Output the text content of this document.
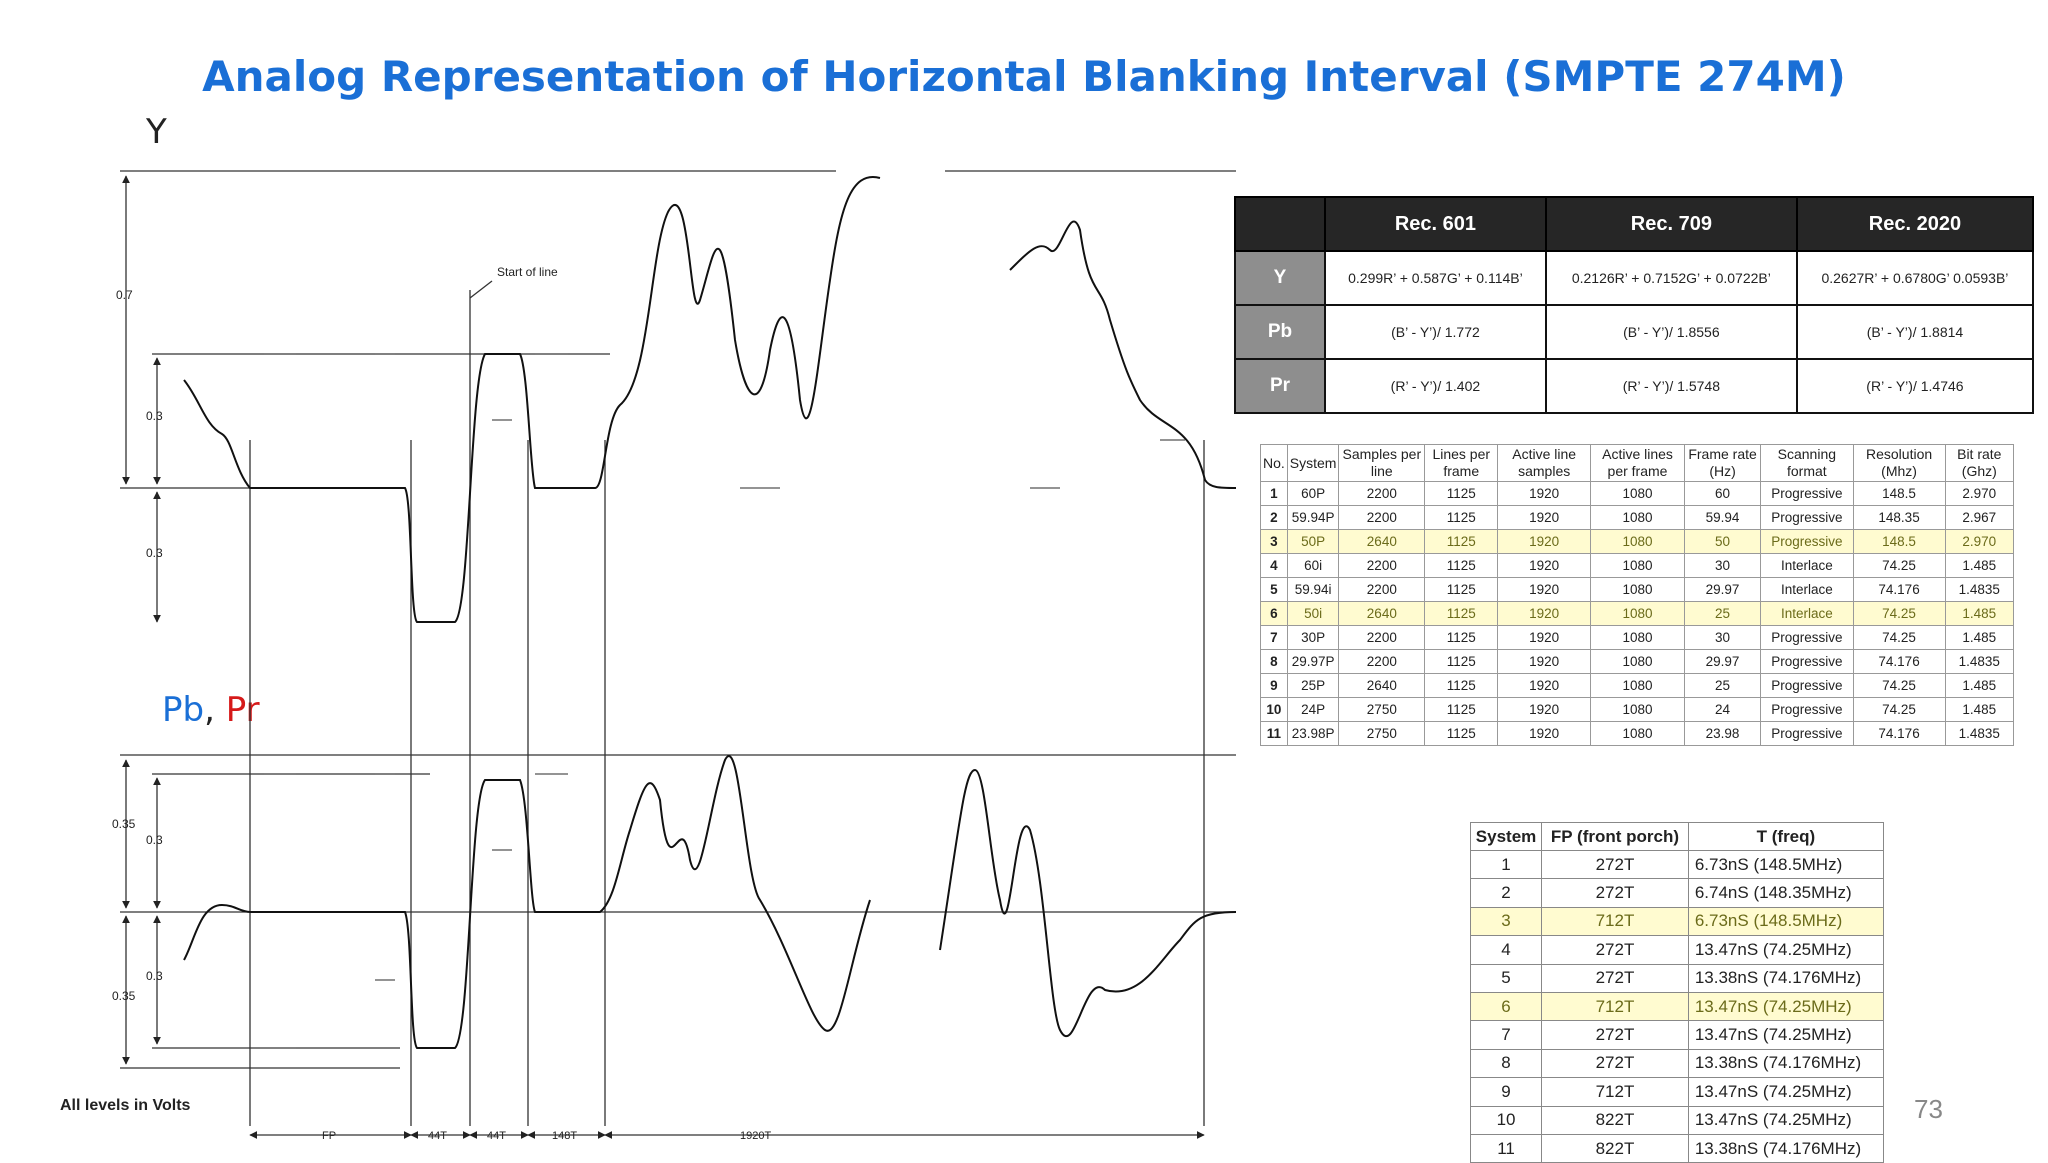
Analog Representation of Horizontal Blanking Interval (SMPTE 274M)
Y
Pb, Pr
73
Start of line
0.7
0.3
0.3
0.35
0.3
0.3
0.35
All levels in Volts
FP	44T	44T	148T	1920T
	Rec. 601	Rec. 709	Rec. 2020
Y	0.299R’ + 0.587G’ + 0.114B’	0.2126R’ + 0.7152G’ + 0.0722B’	0.2627R’ + 0.6780G’ 0.0593B’
Pb	(B’ - Y’)/ 1.772	(B’ - Y’)/ 1.8556	(B’ - Y’)/ 1.8814
Pr	(R’ - Y’)/ 1.402	(R’ - Y’)/ 1.5748	(R’ - Y’)/ 1.4746
No.	System	Samples per line	Lines per frame	Active line samples	Active lines per frame	Frame rate (Hz)	Scanning format	Resolution (Mhz)	Bit rate (Ghz)
1	60P	2200	1125	1920	1080	60	Progressive	148.5	2.970
2	59.94P	2200	1125	1920	1080	59.94	Progressive	148.35	2.967
3	50P	2640	1125	1920	1080	50	Progressive	148.5	2.970
4	60i	2200	1125	1920	1080	30	Interlace	74.25	1.485
5	59.94i	2200	1125	1920	1080	29.97	Interlace	74.176	1.4835
6	50i	2640	1125	1920	1080	25	Interlace	74.25	1.485
7	30P	2200	1125	1920	1080	30	Progressive	74.25	1.485
8	29.97P	2200	1125	1920	1080	29.97	Progressive	74.176	1.4835
9	25P	2640	1125	1920	1080	25	Progressive	74.25	1.485
10	24P	2750	1125	1920	1080	24	Progressive	74.25	1.485
11	23.98P	2750	1125	1920	1080	23.98	Progressive	74.176	1.4835
System	FP (front porch)	T (freq)
1	272T	6.73nS (148.5MHz)
2	272T	6.74nS (148.35MHz)
3	712T	6.73nS (148.5MHz)
4	272T	13.47nS (74.25MHz)
5	272T	13.38nS (74.176MHz)
6	712T	13.47nS (74.25MHz)
7	272T	13.47nS (74.25MHz)
8	272T	13.38nS (74.176MHz)
9	712T	13.47nS (74.25MHz)
10	822T	13.47nS (74.25MHz)
11	822T	13.38nS (74.176MHz)
